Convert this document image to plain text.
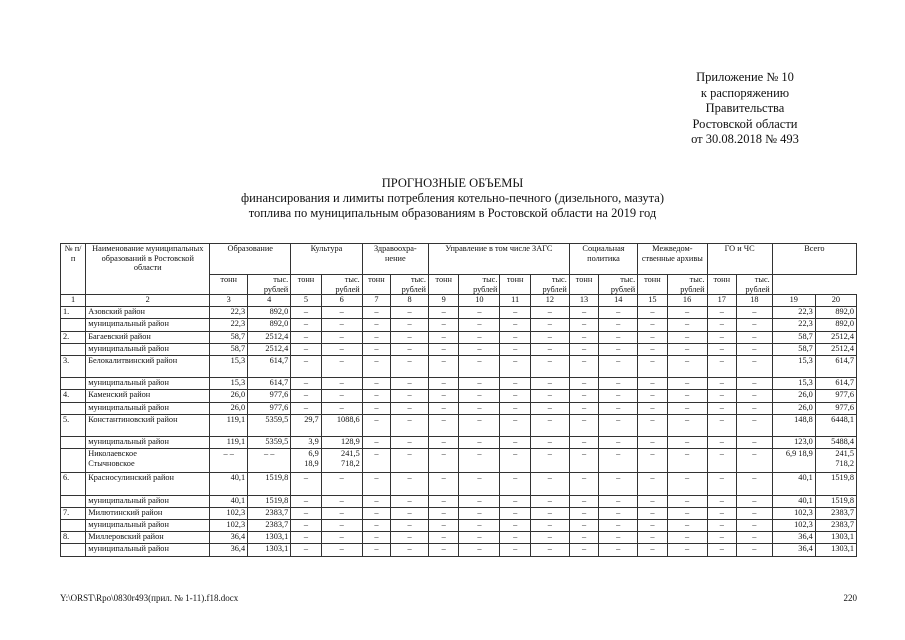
Приложение № 10
к распоряжению
Правительства
Ростовской области
от 30.08.2018 № 493
ПРОГНОЗНЫЕ ОБЪЕМЫ
финансирования и лимиты потребления котельно-печного (дизельного, мазута)
топлива по муниципальным образованиям в Ростовской области на 2019 год
№ п/п	Наименование муниципальных образований в Ростовской области	Образование		Культура		Здравоохра-нение		Управление в том числе ЗАГС				Социальная политика		Межведом-ственные архивы		ГО и ЧС		Всего	
		тонн	тыс. рублей	тонн	тыс. рублей	тонн	тыс. рублей	тонн	тыс. рублей	тонн	тыс. рублей	тонн	тыс. рублей	тонн	тыс. рублей	тонн	тыс. рублей		
1	2	3	4	5	6	7	8	9	10	11	12	13	14	15	16	17	18	19	20
1.	Азовский район	22,3	892,0	–	–	–	–	–	–	–	–	–	–	–	–	–	–	22,3	892,0
	муниципальный район	22,3	892,0	–	–	–	–	–	–	–	–	–	–	–	–	–	–	22,3	892,0
2.	Багаевский район	58,7	2512,4	–	–	–	–	–	–	–	–	–	–	–	–	–	–	58,7	2512,4
	муниципальный район	58,7	2512,4	–	–	–	–	–	–	–	–	–	–	–	–	–	–	58,7	2512,4
3.	Белокалитвинский район	15,3	614,7	–	–	–	–	–	–	–	–	–	–	–	–	–	–	15,3	614,7
	муниципальный район	15,3	614,7	–	–	–	–	–	–	–	–	–	–	–	–	–	–	15,3	614,7
4.	Каменский район	26,0	977,6	–	–	–	–	–	–	–	–	–	–	–	–	–	–	26,0	977,6
	муниципальный район	26,0	977,6	–	–	–	–	–	–	–	–	–	–	–	–	–	–	26,0	977,6
5.	Константиновский район	119,1	5359,5	29,7	1088,6	–	–	–	–	–	–	–	–	–	–	–	–	148,8	6448,1
	муниципальный район	119,1	5359,5	3,9	128,9	–	–	–	–	–	–	–	–	–	–	–	–	123,0	5488,4
	Николаевское Стычновское	– –	– –	6,9 18,9	241,5 718,2	–	–	–	–	–	–	–	–	–	–	–	–	6,9 18,9	241,5 718,2
6.	Красносулинский район	40,1	1519,8	–	–	–	–	–	–	–	–	–	–	–	–	–	–	40,1	1519,8
	муниципальный район	40,1	1519,8	–	–	–	–	–	–	–	–	–	–	–	–	–	–	40,1	1519,8
7.	Милютинский район	102,3	2383,7	–	–	–	–	–	–	–	–	–	–	–	–	–	–	102,3	2383,7
	муниципальный район	102,3	2383,7	–	–	–	–	–	–	–	–	–	–	–	–	–	–	102,3	2383,7
8.	Миллеровский район	36,4	1303,1	–	–	–	–	–	–	–	–	–	–	–	–	–	–	36,4	1303,1
	муниципальный район	36,4	1303,1	–	–	–	–	–	–	–	–	–	–	–	–	–	–	36,4	1303,1
Y:\ORST\Rpo\0830r493(прил. № 1-11).f18.docx	220
